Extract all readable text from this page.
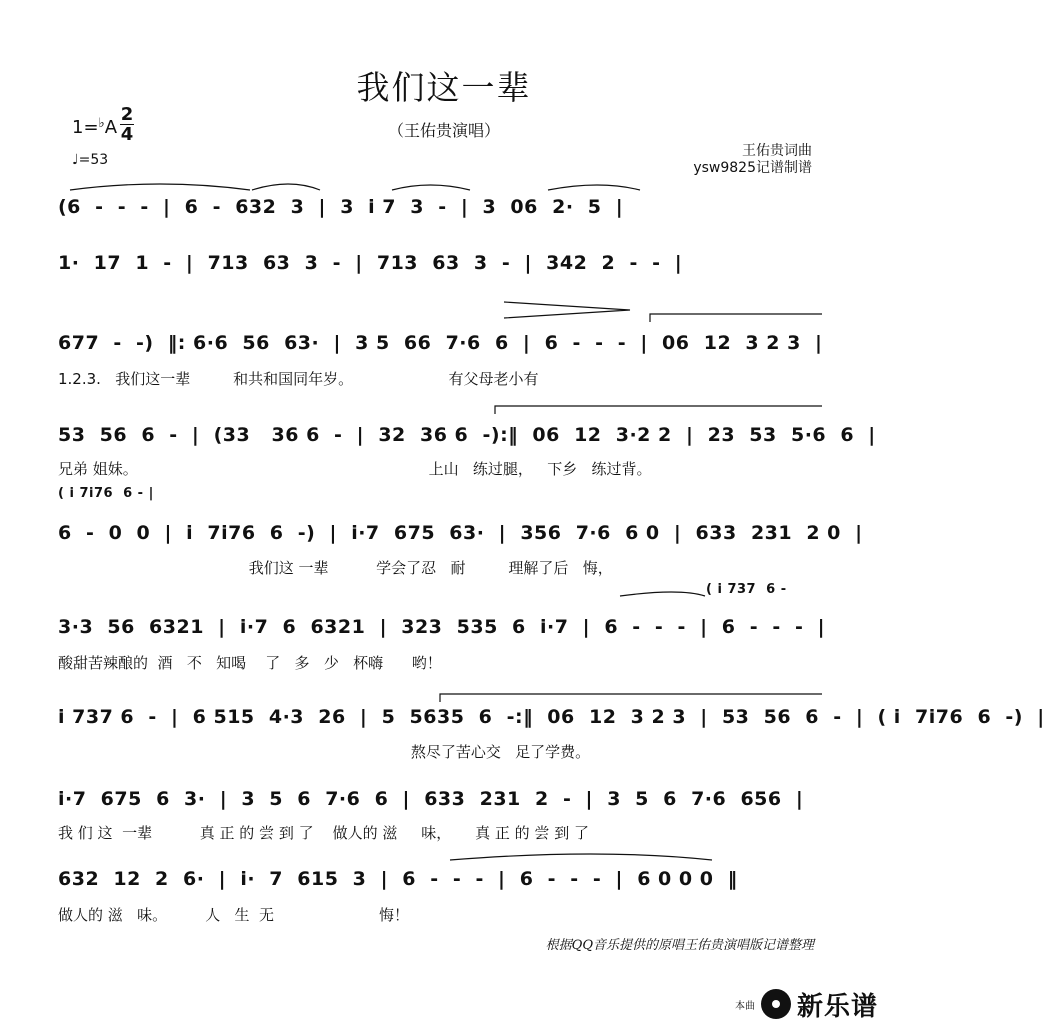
我们这一辈
（王佑贵演唱）
1=♭A
2
4
♩=53
王佑贵词曲
ysw9825记谱制谱
(6  -  -  -  |  6  -  632  3  |  3  i 7  3  -  |  3  06  2·  5  |
1·  17  1  -  |  713  63  3  -  |  713  63  3  -  |  342  2  -  -  |
677  -  -)  ‖: 6·6  56  63·  |  3 5  66  7·6  6  |  6  -  -  -  |  06  12  3 2 3  |
1.2.3.   我们这一辈         和共和国同年岁。                    有父母老小有
53  56  6  -  |  (33   36 6  -  |  32  36 6  -):‖  06  12  3·2 2  |  23  53  5·6  6  |
兄弟 姐妹。                                                             上山   练过腿，   下乡   练过背。
( i 7i76  6 - |
6  -  0  0  |  i  7i76  6  -)  |  i·7  675  63·  |  356  7·6  6 0  |  633  231  2 0  |
我们这 一辈          学会了忍   耐         理解了后   悔，
( i 737  6 -
3·3  56  6321  |  i·7  6  6321  |  323  535  6  i·7  |  6  -  -  -  |  6  -  -  -  |
酸甜苦辣酿的  酒   不   知喝    了   多   少   杯嗨      哟！
i 737 6  -  |  6 515  4·3  26  |  5  5635  6  -:‖  06  12  3 2 3  |  53  56  6  -  |  ( i  7i76  6  -)  |
熬尽了苦心交   足了学费。
i·7  675  6  3·  |  3  5  6  7·6  6  |  633  231  2  -  |  3  5  6  7·6  656  |
我 们 这  一辈          真 正 的 尝 到 了    做人的 滋     味，     真 正 的 尝 到 了
632  12  2  6·  |  i·  7  615  3  |  6  -  -  -  |  6  -  -  -  |  6 0 0 0  ‖
做人的 滋   味。        人   生  无                      悔！
根据QQ音乐提供的原唱王佑贵演唱版记谱整理
本曲 新乐谱
